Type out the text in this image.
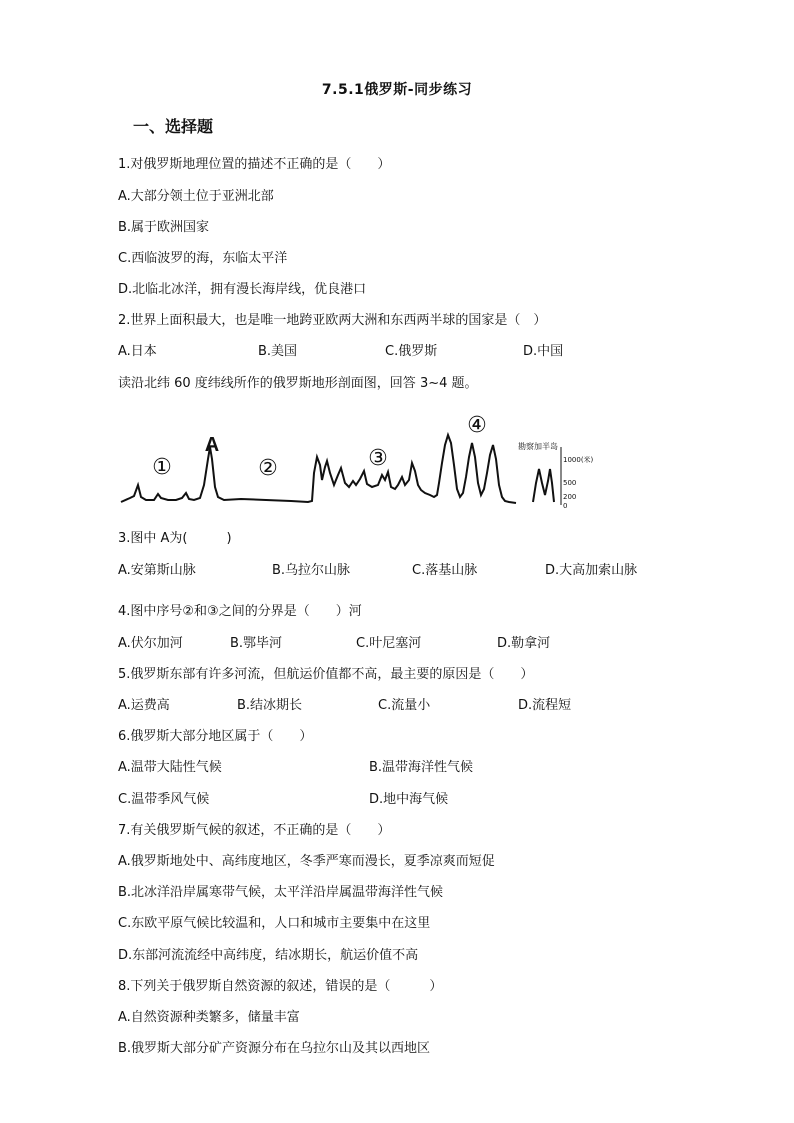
7.5.1俄罗斯-同步练习
一、选择题
1.对俄罗斯地理位置的描述不正确的是（　　）
A.大部分领土位于亚洲北部
B.属于欧洲国家
C.西临波罗的海，东临太平洋
D.北临北冰洋，拥有漫长海岸线，优良港口
2.世界上面积最大，也是唯一地跨亚欧两大洲和东西两半球的国家是（　）
A.日本	B.美国	C.俄罗斯	D.中国
读沿北纬 60 度纬线所作的俄罗斯地形剖面图，回答 3~4 题。
①
A
②	③
④
勘察加半岛
1000(米)
500
200
0
3.图中 A为(　　　)
A.安第斯山脉	B.乌拉尔山脉	C.落基山脉	D.大高加索山脉
4.图中序号②和③之间的分界是（　　）河
A.伏尔加河	B.鄂毕河	C.叶尼塞河	D.勒拿河
5.俄罗斯东部有许多河流，但航运价值都不高，最主要的原因是（　　）
A.运费高	B.结冰期长	C.流量小	D.流程短
6.俄罗斯大部分地区属于（　　）
A.温带大陆性气候	B.温带海洋性气候
C.温带季风气候	D.地中海气候
7.有关俄罗斯气候的叙述，不正确的是（　　）
A.俄罗斯地处中、高纬度地区，冬季严寒而漫长，夏季凉爽而短促
B.北冰洋沿岸属寒带气候，太平洋沿岸属温带海洋性气候
C.东欧平原气候比较温和，人口和城市主要集中在这里
D.东部河流流经中高纬度，结冰期长，航运价值不高
8.下列关于俄罗斯自然资源的叙述，错误的是（　　　）
A.自然资源种类繁多，储量丰富
B.俄罗斯大部分矿产资源分布在乌拉尔山及其以西地区
